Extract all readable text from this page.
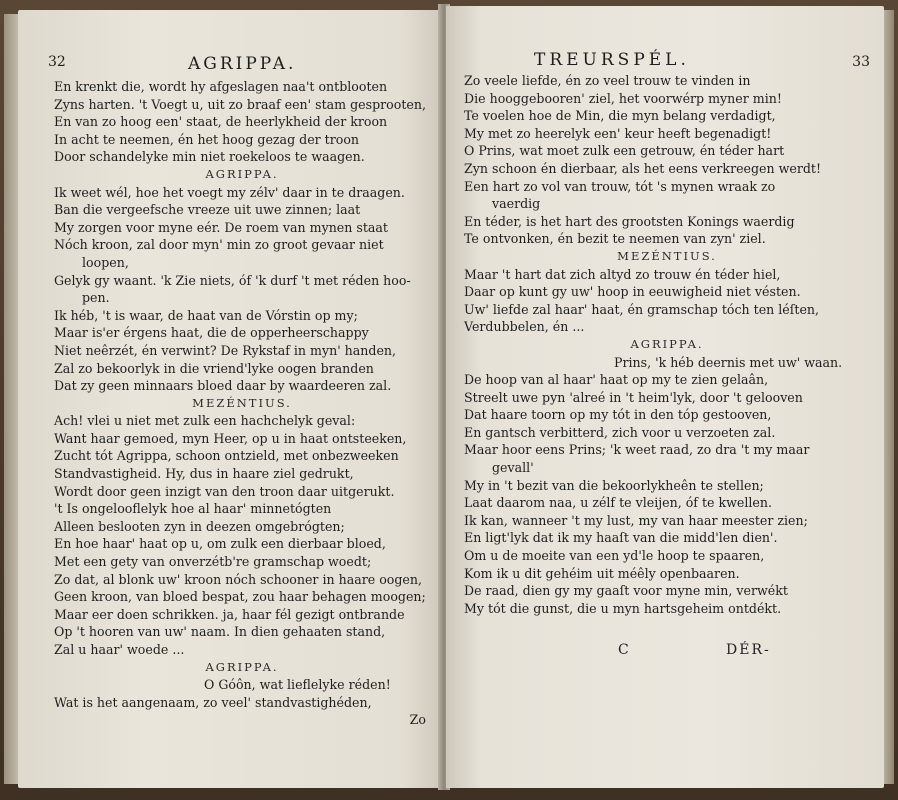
32	AGRIPPA.
En krenkt die, wordt hy afgeslagen naa't ontblooten
Zyns harten. 't Voegt u, uit zo braaf een' stam gesprooten,
En van zo hoog een' staat, de heerlykheid der kroon
In acht te neemen, én het hoog gezag der troon
Door schandelyke min niet roekeloos te waagen.
AGRIPPA.
Ik weet wél, hoe het voegt my zélv' daar in te draagen.
Ban die vergeefsche vreeze uit uwe zinnen; laat
My zorgen voor myne eér. De roem van mynen staat
Nóch kroon, zal door myn' min zo groot gevaar niet
loopen,
Gelyk gy waant. 'k Zie niets, óf 'k durf 't met réden hoo-
pen.
Ik héb, 't is waar, de haat van de Vórstin op my;
Maar is'er érgens haat, die de opperheerschappy
Niet neêrzét, én verwint? De Rykstaf in myn' handen,
Zal zo bekoorlyk in die vriend'lyke oogen branden
Dat zy geen minnaars bloed daar by waardeeren zal.
MEZÉNTIUS.
Ach! vlei u niet met zulk een hachchelyk geval:
Want haar gemoed, myn Heer, op u in haat ontsteeken,
Zucht tót Agrippa, schoon ontzield, met onbezweeken
Standvastigheid. Hy, dus in haare ziel gedrukt,
Wordt door geen inzigt van den troon daar uitgerukt.
't Is ongelooflelyk hoe al haar' minnetógten
Alleen beslooten zyn in deezen omgebrógten;
En hoe haar' haat op u, om zulk een dierbaar bloed,
Met een gety van onverzétb're gramschap woedt;
Zo dat, al blonk uw' kroon nóch schooner in haare oogen,
Geen kroon, van bloed bespat, zou haar behagen moogen;
Maar eer doen schrikken. ja, haar fél gezigt ontbrande
Op 't hooren van uw' naam. In dien gehaaten stand,
Zal u haar' woede ...
AGRIPPA.
O Góôn, wat lieflelyke réden!
Wat is het aangenaam, zo veel' standvastighéden,
Zo
TREURSPÉL.	33
Zo veele liefde, én zo veel trouw te vinden in
Die hooggebooren' ziel, het voorwérp myner min!
Te voelen hoe de Min, die myn belang verdadigt,
My met zo heerelyk een' keur heeft begenadigt!
O Prins, wat moet zulk een getrouw, én téder hart
Zyn schoon én dierbaar, als het eens verkreegen werdt!
Een hart zo vol van trouw, tót 's mynen wraak zo
vaerdig
En téder, is het hart des grootsten Konings waerdig
Te ontvonken, én bezit te neemen van zyn' ziel.
MEZÉNTIUS.
Maar 't hart dat zich altyd zo trouw én téder hiel,
Daar op kunt gy uw' hoop in eeuwigheid niet vésten.
Uw' liefde zal haar' haat, én gramschap tóch ten léſten,
Verdubbelen, én ...
AGRIPPA.
Prins, 'k héb deernis met uw' waan.
De hoop van al haar' haat op my te zien gelaân,
Streelt uwe pyn 'alreé in 't heim'lyk, door 't gelooven
Dat haare toorn op my tót in den tóp gestooven,
En gantsch verbitterd, zich voor u verzoeten zal.
Maar hoor eens Prins; 'k weet raad, zo dra 't my maar
gevall'
My in 't bezit van die bekoorlykheên te stellen;
Laat daarom naa, u zélf te vleijen, óf te kwellen.
Ik kan, wanneer 't my lust, my van haar meester zien;
En ligt'lyk dat ik my haaſt van die midd'len dien'.
Om u de moeite van een yd'le hoop te spaaren,
Kom ik u dit gehéim uit méêly openbaaren.
De raad, dien gy my gaaſt voor myne min, verwékt
My tót die gunst, die u myn hartsgeheim ontdékt.
C	DÉR-
